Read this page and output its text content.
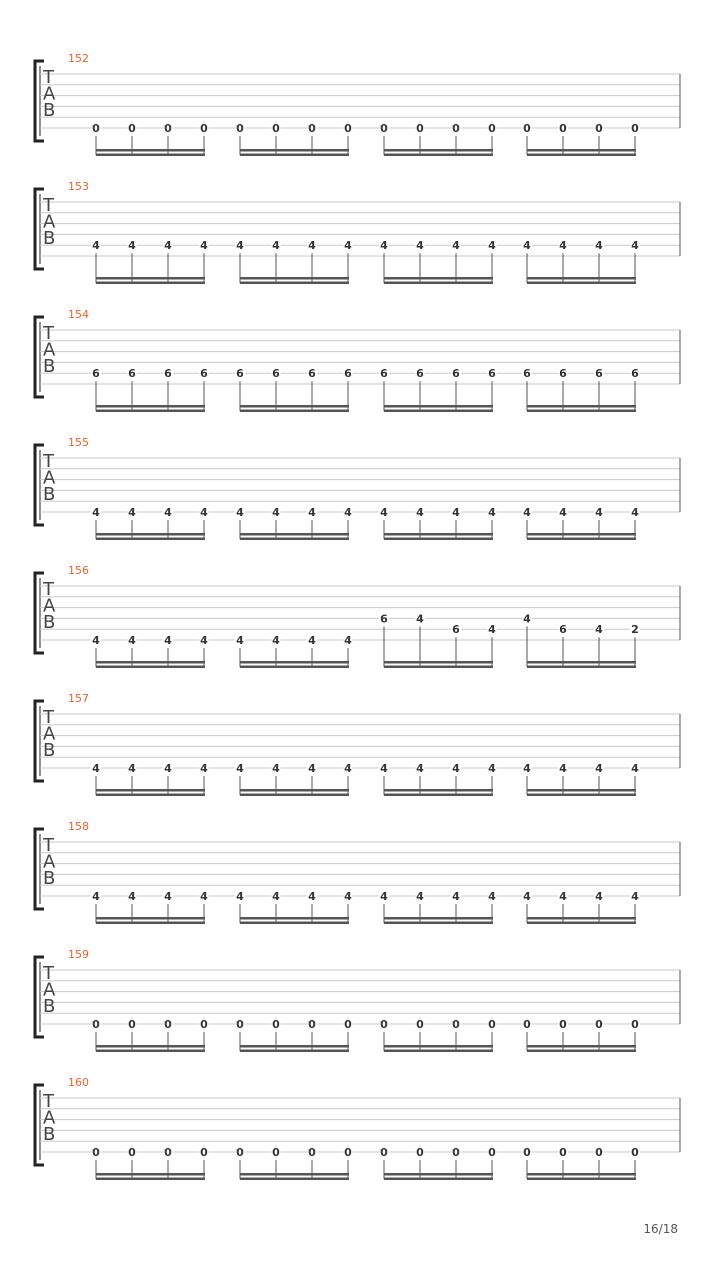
152
T
A
B
0	0	0	0	0	0	0	0	0	0	0	0 0	0	0	0
153
T
A
B	4	4	4	4	4	4	4	4	4	4	4	4 4	4	4	4
154
T
A
B	6	6	6	6	6	6	6	6	6	6	6	6 6	6	6	6
155
T
A
B
4	4	4	4	4	4	4	4	4	4	4	4 4	4	4	4
156
T
A
B
4	4	4	4	4	4	4	4
6	4
6	4
4
6	4	2
157
T
A
B
4	4	4	4	4	4	4	4	4	4	4	4 4	4	4	4
158
T
A
B
4	4	4	4	4	4	4	4	4	4	4	4 4	4	4	4
159
T
A
B
0	0	0	0	0	0	0	0	0	0	0	0 0	0	0	0
160
T
A
B
0	0	0	0	0	0	0	0	0	0	0	0 0	0	0	0
16/18
